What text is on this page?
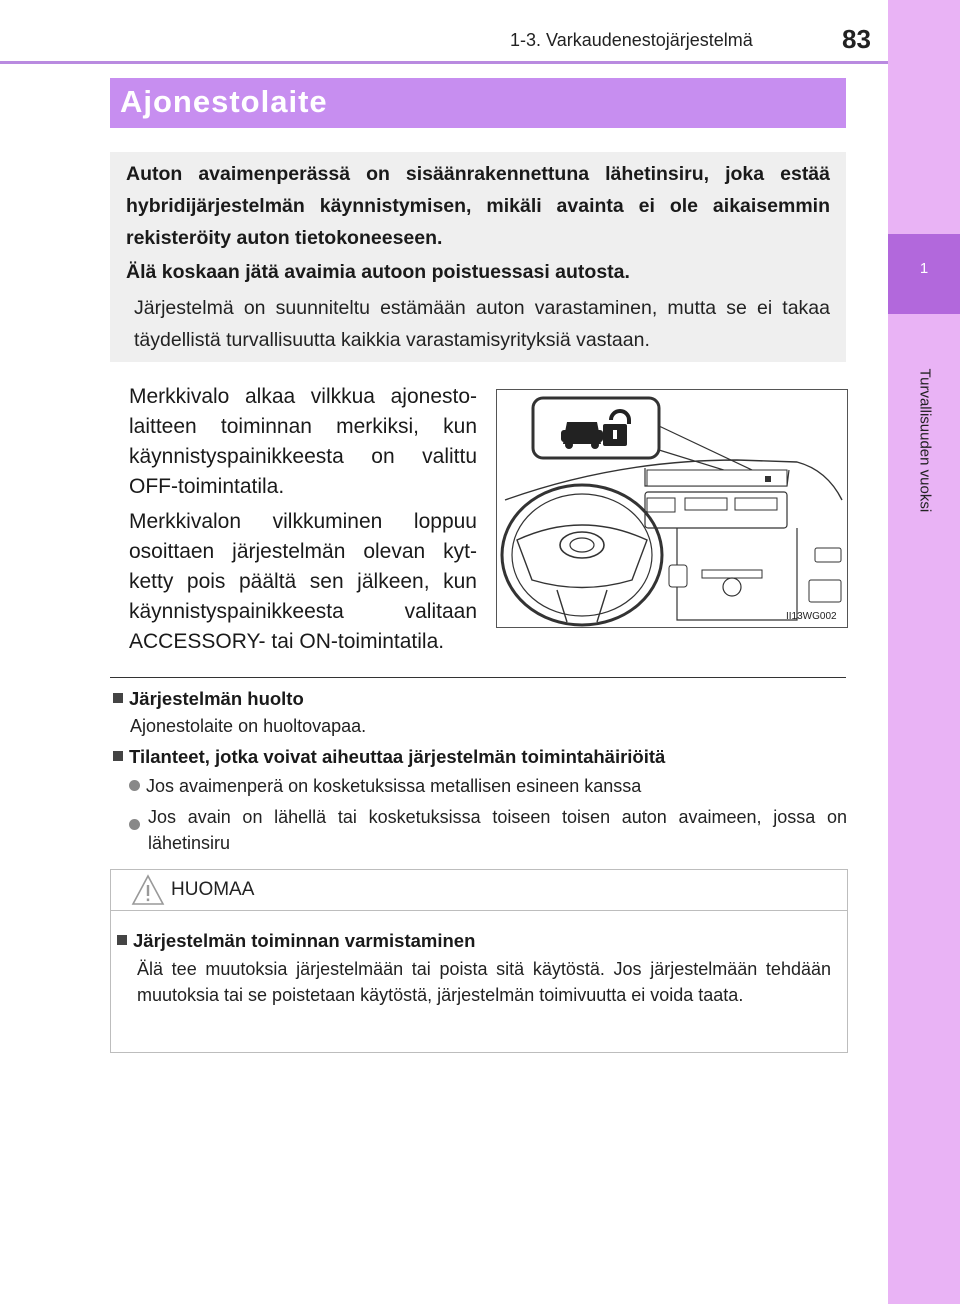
1-3. Varkaudenestojärjestelmä	83
1
Turvallisuuden vuoksi
Ajonestolaite
Auton avaimenperässä on sisäänrakennettuna lähetinsiru, joka estää hybridijärjestelmän käynnistymisen, mikäli avainta ei ole aikaisemmin rekisteröity auton tietokoneeseen.
Älä koskaan jätä avaimia autoon poistuessasi autosta.
Järjestelmä on suunniteltu estämään auton varastaminen, mutta se ei takaa täydellistä turvallisuutta kaikkia varastamisyrityksiä vastaan.
Merkkivalo alkaa vilkkua ajonesto-laitteen toiminnan merkiksi, kun käynnistyspainikkeesta on valittu OFF-toimintatila.
Merkkivalon vilkkuminen loppuu osoittaen järjestelmän olevan kyt-ketty pois päältä sen jälkeen, kun käynnistyspainikkeesta valitaan ACCESSORY- tai ON-toimintatila.
II13WG002
Järjestelmän huolto
Ajonestolaite on huoltovapaa.
Tilanteet, jotka voivat aiheuttaa järjestelmän toimintahäiriöitä
Jos avaimenperä on kosketuksissa metallisen esineen kanssa
Jos avain on lähellä tai kosketuksissa toiseen toisen auton avaimeen, jossa on lähetinsiru
HUOMAA
Järjestelmän toiminnan varmistaminen
Älä tee muutoksia järjestelmään tai poista sitä käytöstä. Jos järjestelmään tehdään muutoksia tai se poistetaan käytöstä, järjestelmän toimivuutta ei voida taata.
